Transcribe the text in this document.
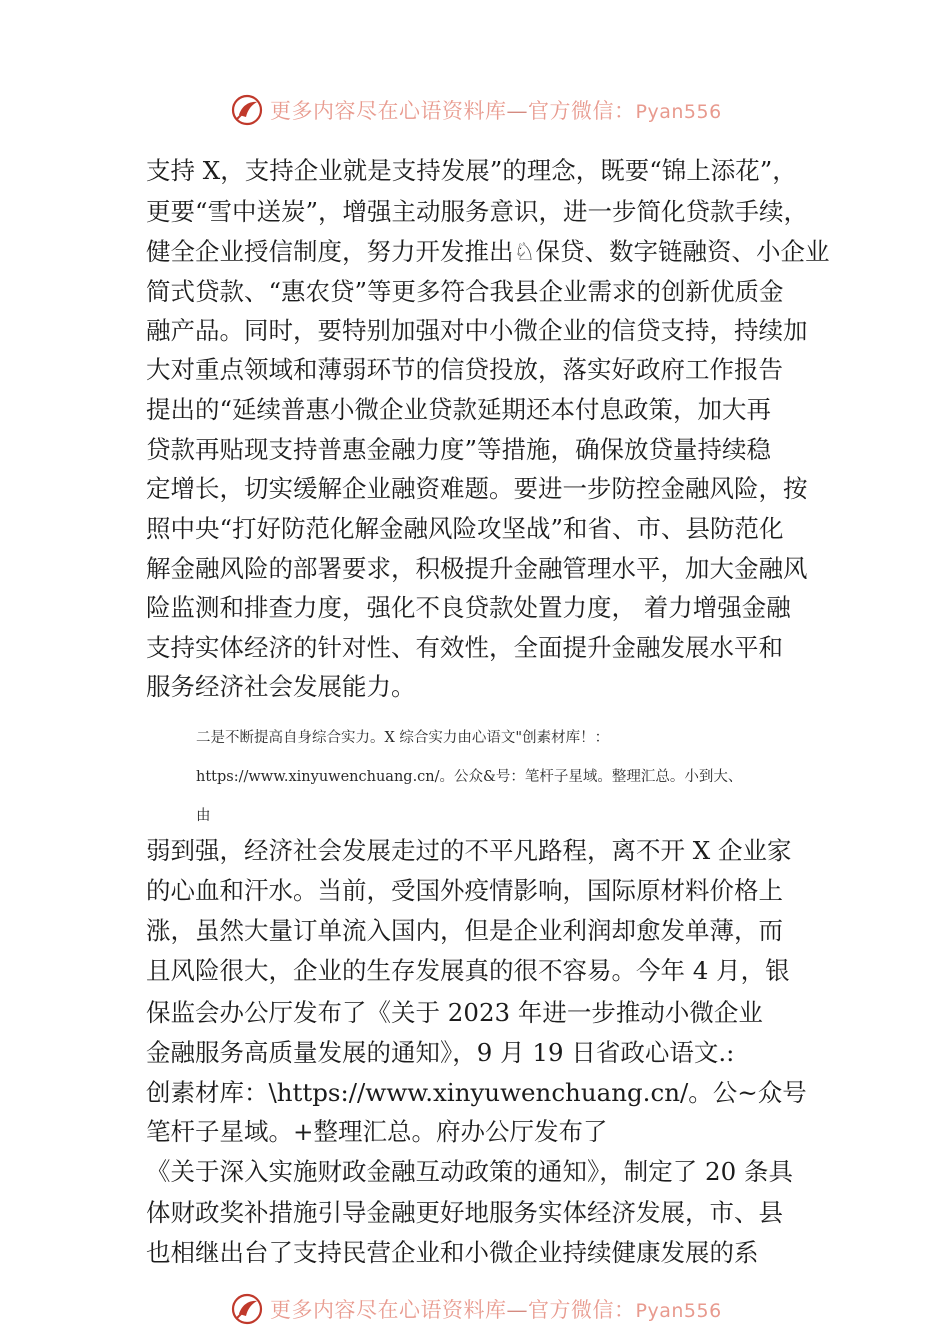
更多内容尽在心语资料库—官方微信：Pyan556
支持 X，支持企业就是支持发展”的理念，既要“锦上添花”，
更要“雪中送炭”，增强主动服务意识，进一步简化贷款手续，
健全企业授信制度，努力开发推出♘保贷、数字链融资、小企业
简式贷款、“惠农贷”等更多符合我县企业需求的创新优质金
融产品。同时，要特别加强对中小微企业的信贷支持，持续加
大对重点领域和薄弱环节的信贷投放，落实好政府工作报告
提出的“延续普惠小微企业贷款延期还本付息政策，加大再
贷款再贴现支持普惠金融力度”等措施，确保放贷量持续稳
定增长，切实缓解企业融资难题。要进一步防控金融风险，按
照中央“打好防范化解金融风险攻坚战”和省、市、县防范化
解金融风险的部署要求，积极提升金融管理水平，加大金融风
险监测和排查力度，强化不良贷款处置力度， 着力增强金融
支持实体经济的针对性、有效性，全面提升金融发展水平和
服务经济社会发展能力。
二是不断提高自身综合实力。X 综合实力由心语文"创素材库！：
https://www.xinyuwenchuang.cn/。公众&号：笔杆子星域。整理汇总。小到大、
由
弱到强，经济社会发展走过的不平凡路程，离不开 X 企业家
的心血和汗水。当前，受国外疫情影响，国际原材料价格上
涨，虽然大量订单流入国内，但是企业利润却愈发单薄，而
且风险很大，企业的生存发展真的很不容易。今年 4 月，银
保监会办公厅发布了《关于 2023 年进一步推动小微企业
金融服务高质量发展的通知》，9 月 19 日省政心语文.:
创素材库：\https://www.xinyuwenchuang.cn/。公~众号
笔杆子星域。+整理汇总。府办公厅发布了
《关于深入实施财政金融互动政策的通知》，制定了 20 条具
体财政奖补措施引导金融更好地服务实体经济发展，市、县
也相继出台了支持民营企业和小微企业持续健康发展的系
更多内容尽在心语资料库—官方微信：Pyan556
